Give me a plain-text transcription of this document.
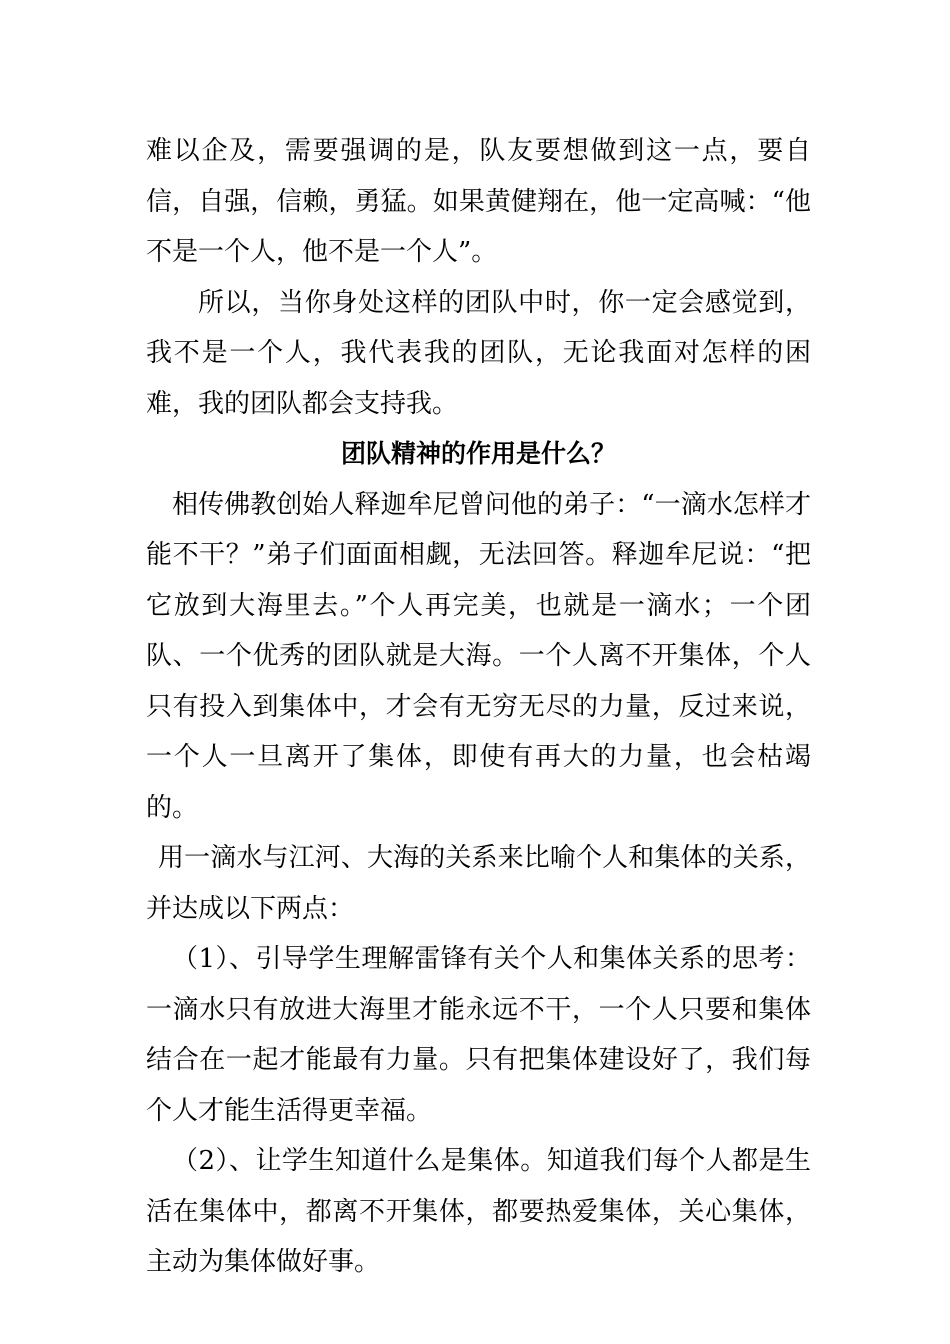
难以企及，需要强调的是，队友要想做到这一点，要自信，自强，信赖，勇猛。如果黄健翔在，他一定高喊：“他不是一个人，他不是一个人”。

所以，当你身处这样的团队中时，你一定会感觉到，我不是一个人，我代表我的团队，无论我面对怎样的困难，我的团队都会支持我。

团队精神的作用是什么？

相传佛教创始人释迦牟尼曾问他的弟子：“一滴水怎样才能不干？”弟子们面面相觑，无法回答。释迦牟尼说：“把它放到大海里去。”个人再完美，也就是一滴水；一个团队、一个优秀的团队就是大海。一个人离不开集体，个人只有投入到集体中，才会有无穷无尽的力量，反过来说，一个人一旦离开了集体，即使有再大的力量，也会枯竭的。

用一滴水与江河、大海的关系来比喻个人和集体的关系，并达成以下两点：

（1）、引导学生理解雷锋有关个人和集体关系的思考：一滴水只有放进大海里才能永远不干，一个人只要和集体结合在一起才能最有力量。只有把集体建设好了，我们每个人才能生活得更幸福。

（2）、让学生知道什么是集体。知道我们每个人都是生活在集体中，都离不开集体，都要热爱集体，关心集体，主动为集体做好事。
